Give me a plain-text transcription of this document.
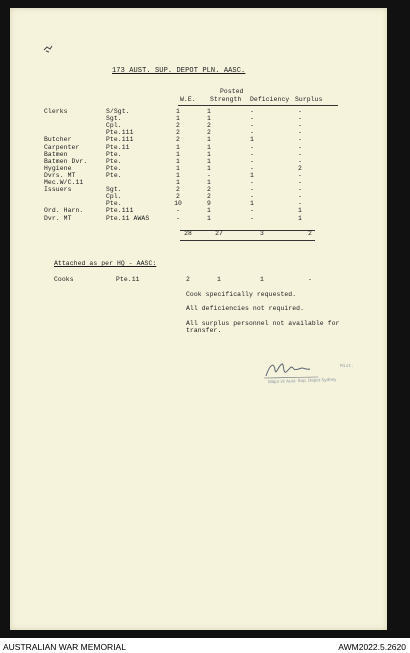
173 AUST. SUP. DEPOT PLN. AASC.
Posted
W.E. Strength Deficiency Surplus
Clerks	S/Sgt.	1	1	-	-
Sgt.	1	1	-	-
Cpl.	2	2	-	-
Pte.111	2	2	-	-
Butcher	Pte.111	2	1	1	-
Carpenter	Pte.11	1	1	-	-
Batmen	Pte.	1	1	-	-
Batmen Dvr.	Pte.	1	1	-	-
Hygiene	Pte.	1	1	-	2
Dvrs. MT	Pte.	1	-	1	-
Mec.W/C.11	1	1	-	-
Issuers	Sgt.	2	2	-	-
Cpl.	2	2	-	-
Pte.	10	9	1	-
Ord. Harn.	Pte.111	-	1	-	1
Dvr. MT	Pte.11 AWAS	-	1	-	1
28	27	3	2
Attached as per HQ - AASC:
Cooks	Pte.11	2	1	1	-
Cook specifically requested.
All deficiencies not required.
All surplus personnel not available for
transfer.
Mist.
Major i/c Aust. Sup. Depot Sydney
AUSTRALIAN WAR MEMORIAL	AWM2022.5.2620
